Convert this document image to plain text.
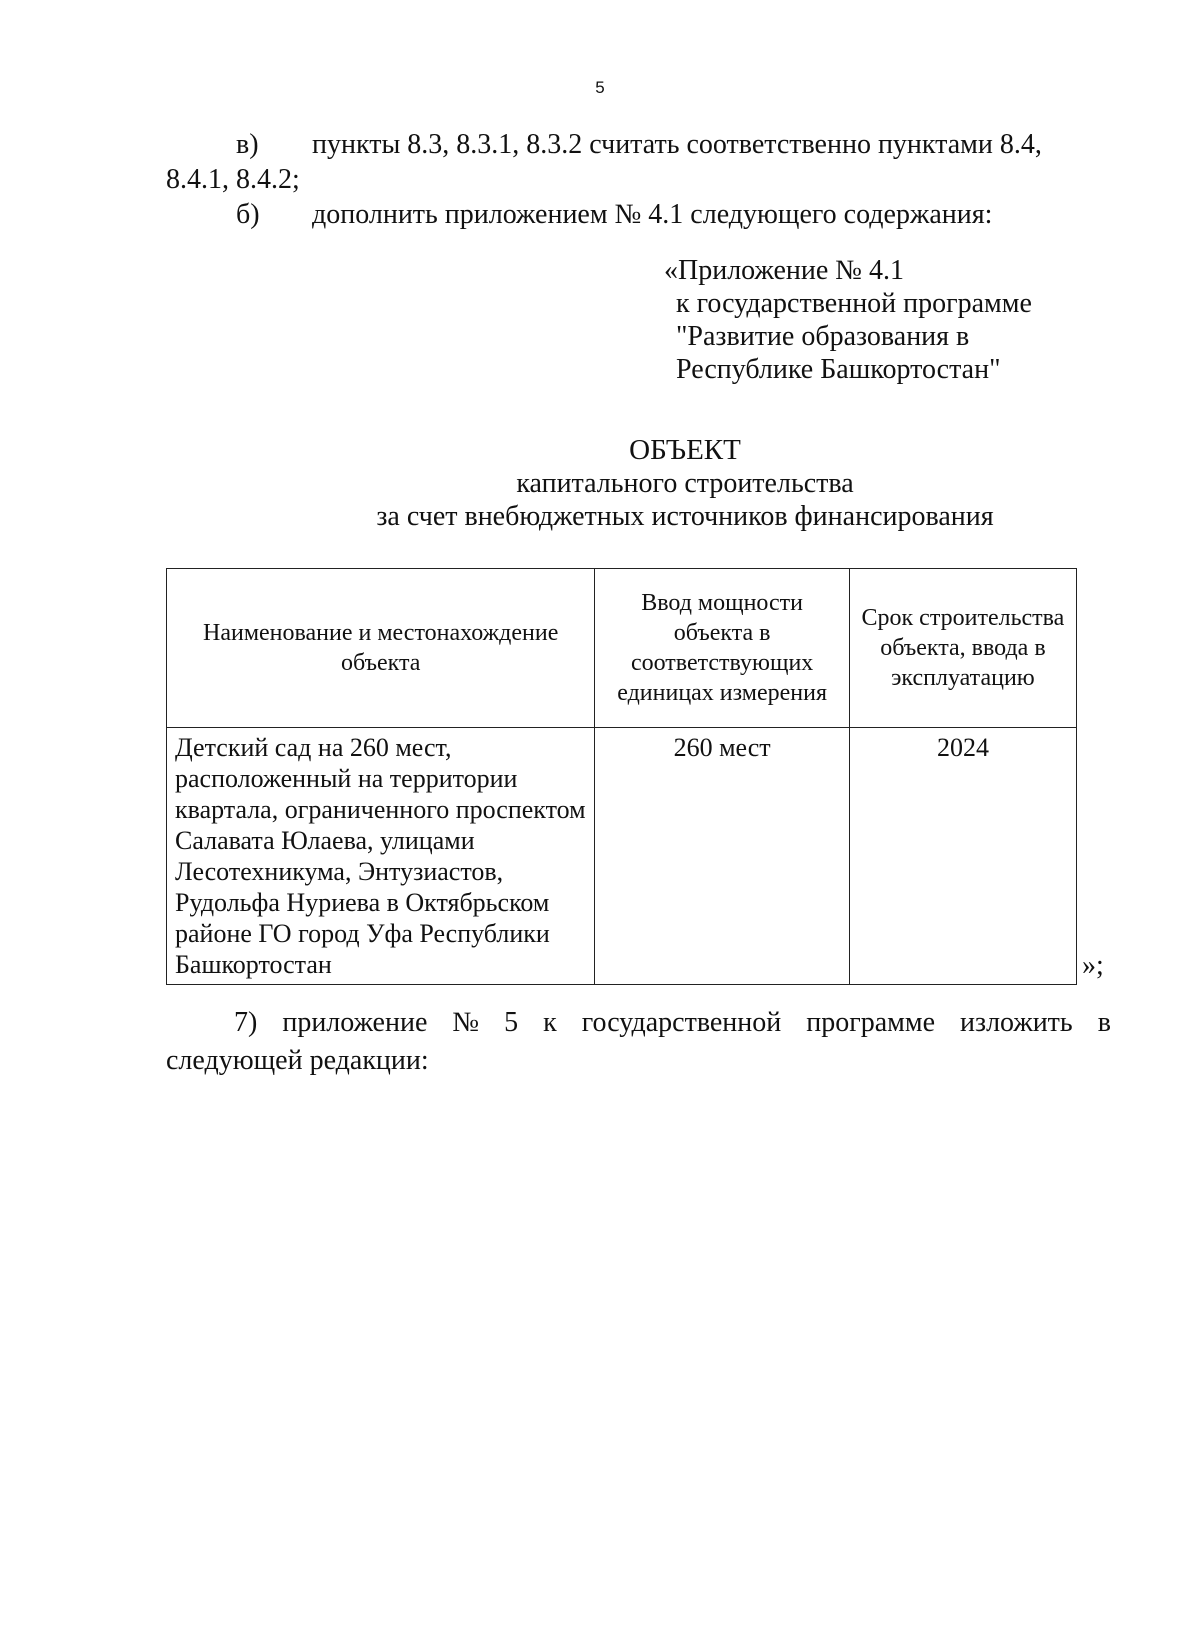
5
в) пункты 8.3, 8.3.1, 8.3.2 считать соответственно пунктами 8.4,
8.4.1, 8.4.2;
б) дополнить приложением № 4.1 следующего содержания:
«Приложение № 4.1
к государственной программе
"Развитие образования в
Республике Башкортостан"
ОБЪЕКТ
капитального строительства
за счет внебюджетных источников финансирования
Наименование и местонахождение объекта	Ввод мощности объекта в соответствующих единицах измерения	Срок строительства объекта, ввода в эксплуатацию
Детский сад на 260 мест, расположенный на территории квартала, ограниченного проспектом Салавата Юлаева, улицами Лесотехникума, Энтузиастов, Рудольфа Нуриева в Октябрьском районе ГО город Уфа Республики Башкортостан	260 мест	2024
»;
7) приложение № 5 к государственной программе изложить в
следующей редакции:
